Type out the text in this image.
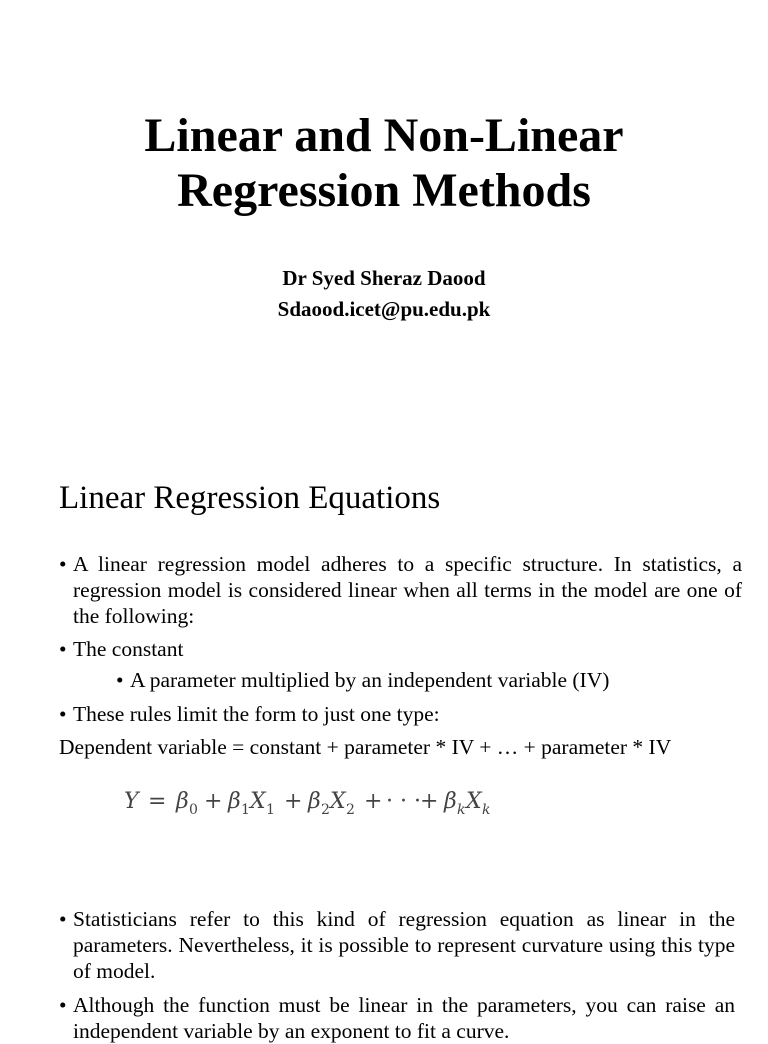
Linear and Non-Linear
Regression Methods
Dr Syed Sheraz Daood
Sdaood.icet@pu.edu.pk
Linear Regression Equations
• A linear regression model adheres to a specific structure. In statistics, a regression model is considered linear when all terms in the model are one of the following:
• The constant
• A parameter multiplied by an independent variable (IV)
• These rules limit the form to just one type:
Dependent variable = constant + parameter * IV + … + parameter * IV
Y = β 0 + β 1 X 1 + β 2 X 2 + · · · + β k X k
• Statisticians refer to this kind of regression equation as linear in the parameters. Nevertheless, it is possible to represent curvature using this type of model.
• Although the function must be linear in the parameters, you can raise an independent variable by an exponent to fit a curve.
